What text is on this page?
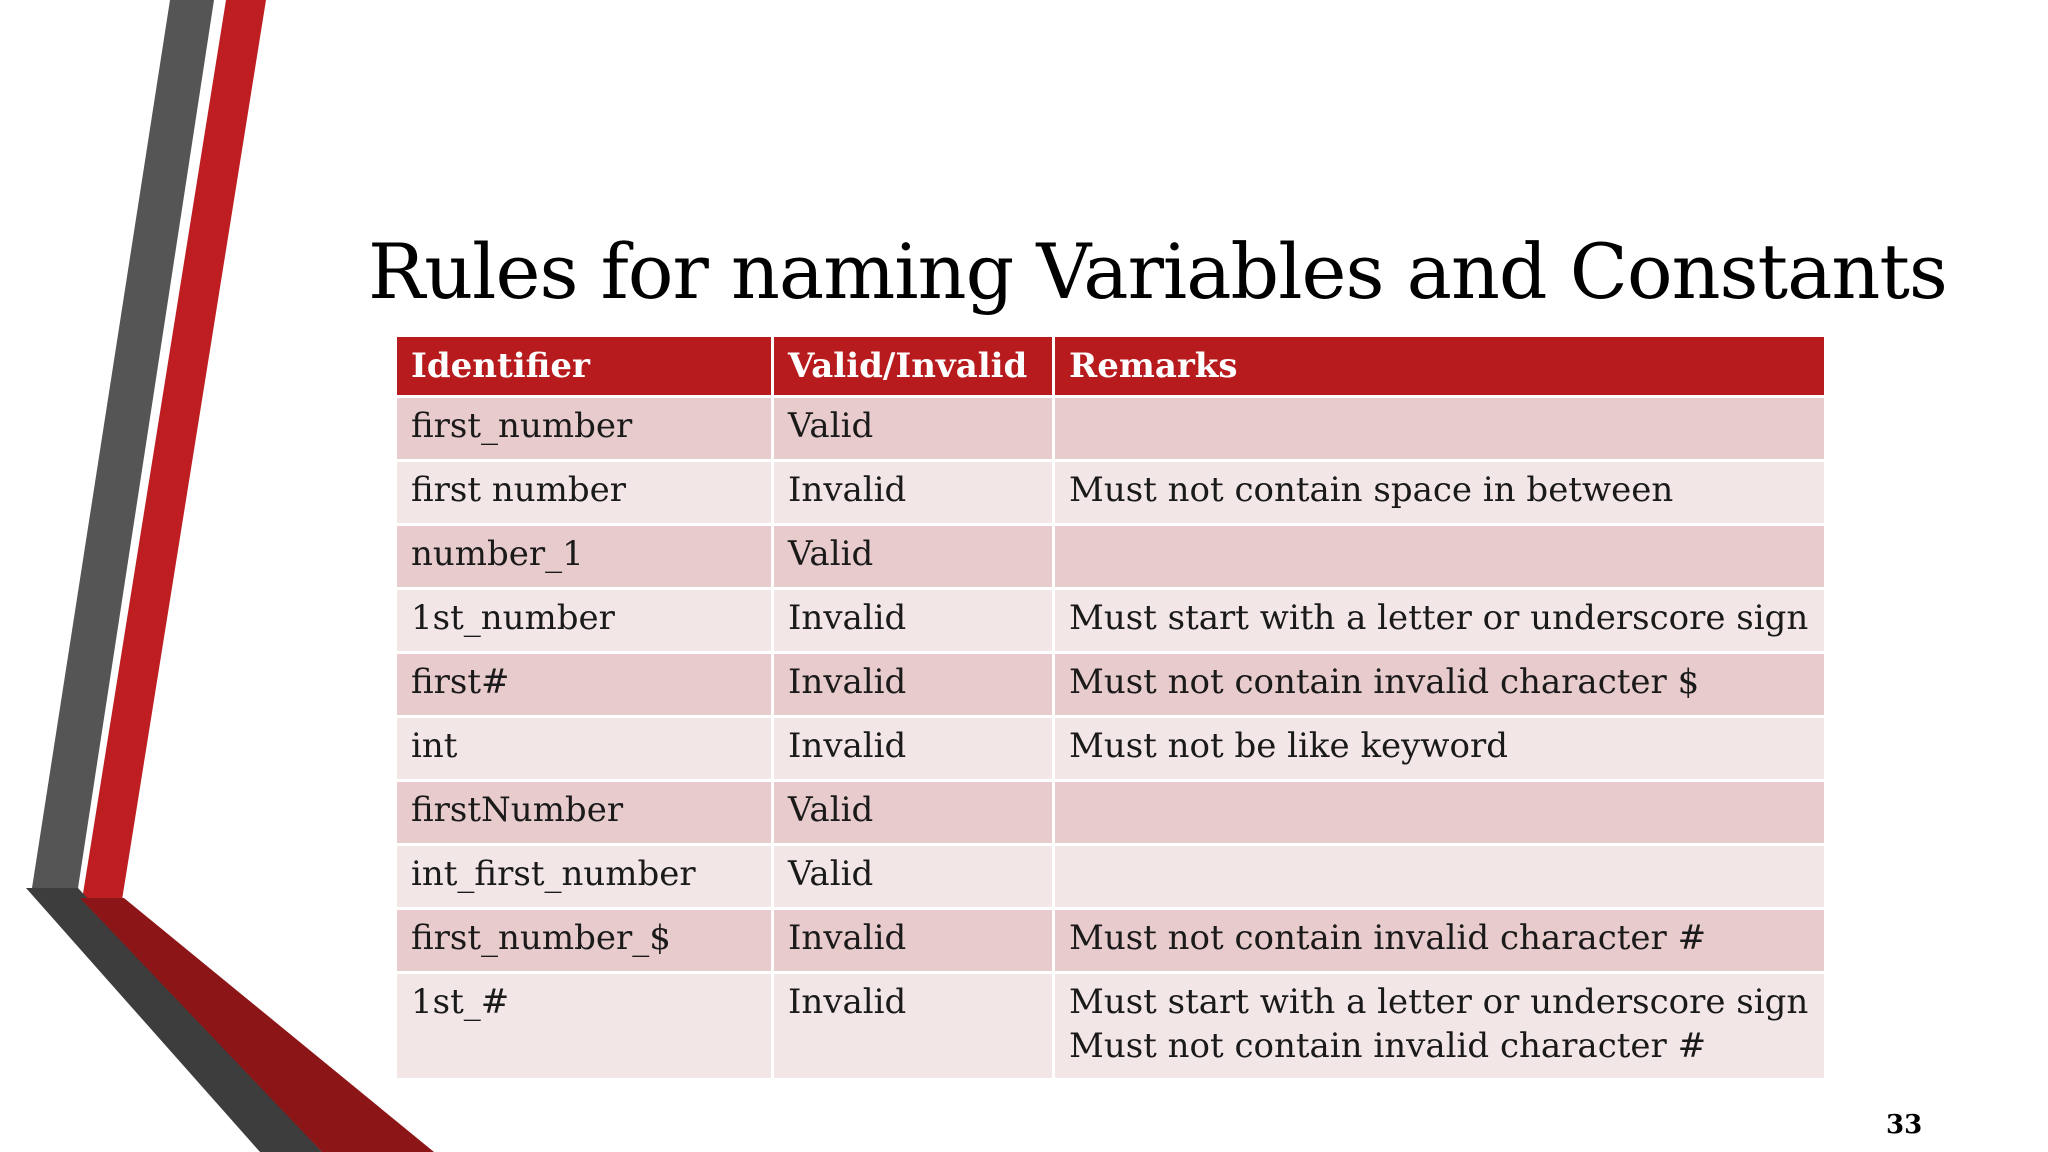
Rules for naming Variables and Constants
Identifier	Valid/Invalid	Remarks
first_number	Valid	

first number	Invalid	Must not contain space in between

number_1	Valid	

1st_number	Invalid	Must start with a letter or underscore sign

first#	Invalid	Must not contain invalid character $

int	Invalid	Must not be like keyword

firstNumber	Valid	

int_first_number	Valid	

first_number_$	Invalid	Must not contain invalid character #

1st_#	Invalid	Must start with a letter or underscore sign
Must not contain invalid character #
33
